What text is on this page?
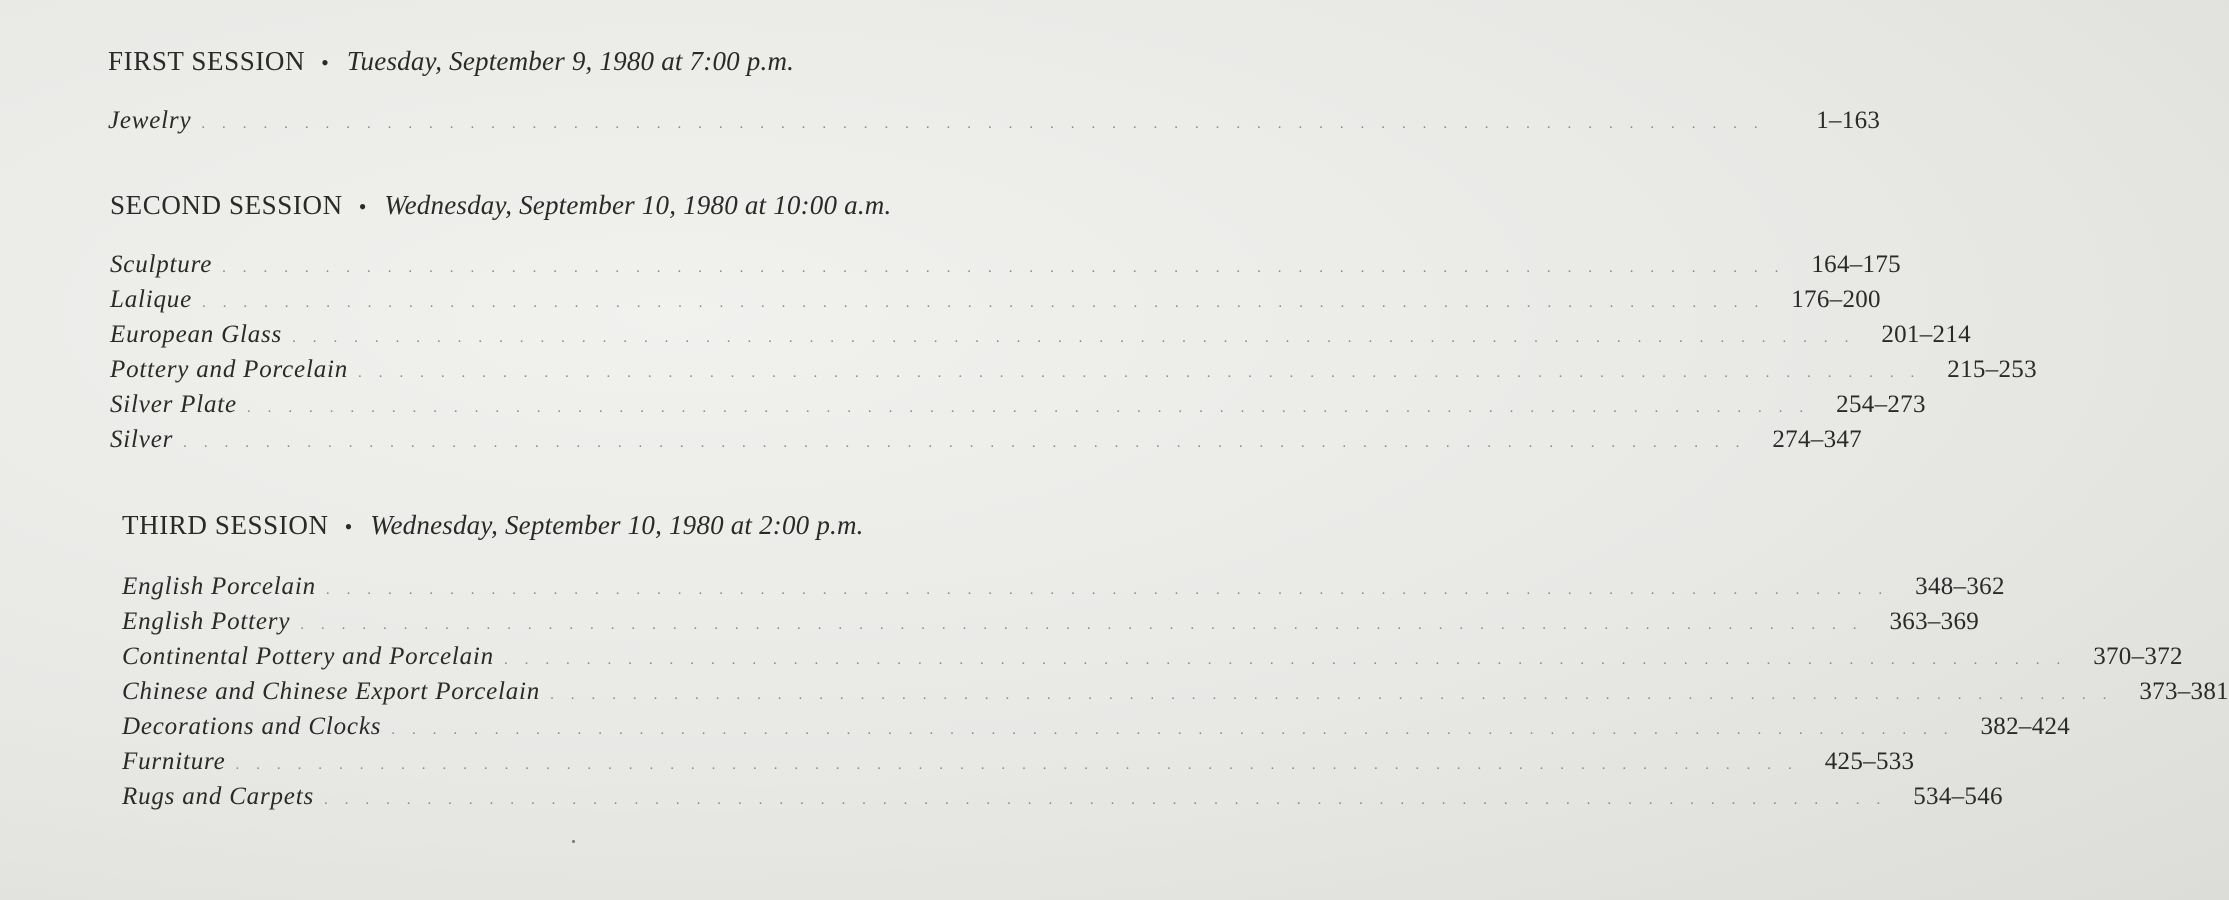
FIRST SESSION • Tuesday, September 9, 1980 at 7:00 p.m.
Jewelry . . . . . . . . . . . . . . . . . . . . . . . . . . . . . . . . . . . . . . . . . . . . . . . . . . . . . . . . . . . . . . . . . . . . . . . . . . . .	1–163
SECOND SESSION • Wednesday, September 10, 1980 at 10:00 a.m.
Sculpture . . . . . . . . . . . . . . . . . . . . . . . . . . . . . . . . . . . . . . . . . . . . . . . . . . . . . . . . . . . . . . . . . . . . . . . . . . . .	164–175
Lalique . . . . . . . . . . . . . . . . . . . . . . . . . . . . . . . . . . . . . . . . . . . . . . . . . . . . . . . . . . . . . . . . . . . . . . . . . . . .	176–200
European Glass . . . . . . . . . . . . . . . . . . . . . . . . . . . . . . . . . . . . . . . . . . . . . . . . . . . . . . . . . . . . . . . . . . . . . . . . . . . .	201–214
Pottery and Porcelain . . . . . . . . . . . . . . . . . . . . . . . . . . . . . . . . . . . . . . . . . . . . . . . . . . . . . . . . . . . . . . . . . . . . . . . . . . . .	215–253
Silver Plate . . . . . . . . . . . . . . . . . . . . . . . . . . . . . . . . . . . . . . . . . . . . . . . . . . . . . . . . . . . . . . . . . . . . . . . . . . . .	254–273
Silver . . . . . . . . . . . . . . . . . . . . . . . . . . . . . . . . . . . . . . . . . . . . . . . . . . . . . . . . . . . . . . . . . . . . . . . . . . . .	274–347
THIRD SESSION • Wednesday, September 10, 1980 at 2:00 p.m.
English Porcelain . . . . . . . . . . . . . . . . . . . . . . . . . . . . . . . . . . . . . . . . . . . . . . . . . . . . . . . . . . . . . . . . . . . . . . . . . . . .	348–362
English Pottery . . . . . . . . . . . . . . . . . . . . . . . . . . . . . . . . . . . . . . . . . . . . . . . . . . . . . . . . . . . . . . . . . . . . . . . . . . . .	363–369
Continental Pottery and Porcelain . . . . . . . . . . . . . . . . . . . . . . . . . . . . . . . . . . . . . . . . . . . . . . . . . . . . . . . . . . . . . . . . . . . . . . . . . . . .	370–372
Chinese and Chinese Export Porcelain . . . . . . . . . . . . . . . . . . . . . . . . . . . . . . . . . . . . . . . . . . . . . . . . . . . . . . . . . . . . . . . . . . . . . . . . . . . .	373–381
Decorations and Clocks . . . . . . . . . . . . . . . . . . . . . . . . . . . . . . . . . . . . . . . . . . . . . . . . . . . . . . . . . . . . . . . . . . . . . . . . . . . .	382–424
Furniture . . . . . . . . . . . . . . . . . . . . . . . . . . . . . . . . . . . . . . . . . . . . . . . . . . . . . . . . . . . . . . . . . . . . . . . . . . . .	425–533
Rugs and Carpets . . . . . . . . . . . . . . . . . . . . . . . . . . . . . . . . . . . . . . . . . . . . . . . . . . . . . . . . . . . . . . . . . . . . . . . . . . . .	534–546
